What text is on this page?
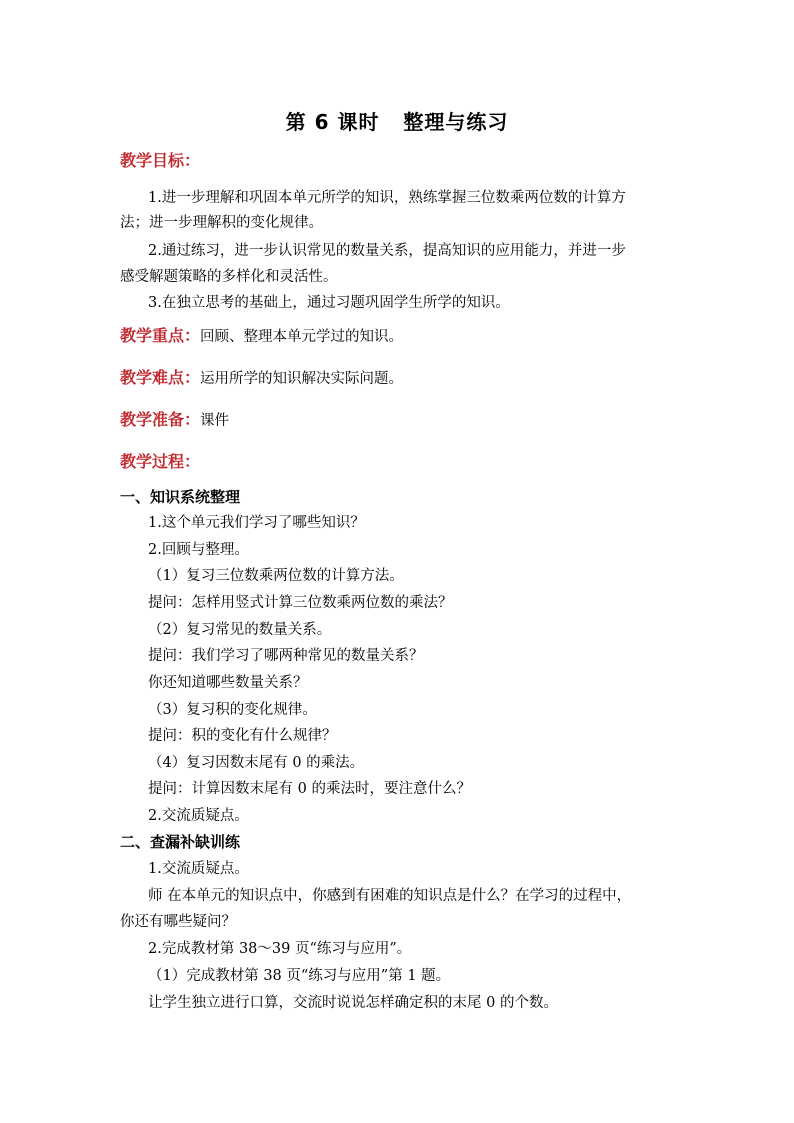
第 6 课时   整理与练习
教学目标：
1.进一步理解和巩固本单元所学的知识，熟练掌握三位数乘两位数的计算方
法；进一步理解积的变化规律。
2.通过练习，进一步认识常见的数量关系，提高知识的应用能力，并进一步
感受解题策略的多样化和灵活性。
3.在独立思考的基础上，通过习题巩固学生所学的知识。
教学重点：回顾、整理本单元学过的知识。
教学难点：运用所学的知识解决实际问题。
教学准备：课件
教学过程：
一、知识系统整理
1.这个单元我们学习了哪些知识？
2.回顾与整理。
（1）复习三位数乘两位数的计算方法。
提问：怎样用竖式计算三位数乘两位数的乘法？
（2）复习常见的数量关系。
提问：我们学习了哪两种常见的数量关系？
你还知道哪些数量关系？
（3）复习积的变化规律。
提问：积的变化有什么规律？
（4）复习因数末尾有 0 的乘法。
提问：计算因数末尾有 0 的乘法时，要注意什么？
2.交流质疑点。
二、查漏补缺训练
1.交流质疑点。
师 在本单元的知识点中，你感到有困难的知识点是什么？在学习的过程中，
你还有哪些疑问？
2.完成教材第 38～39 页“练习与应用”。
（1）完成教材第 38 页“练习与应用”第 1 题。
让学生独立进行口算，交流时说说怎样确定积的末尾 0 的个数。
